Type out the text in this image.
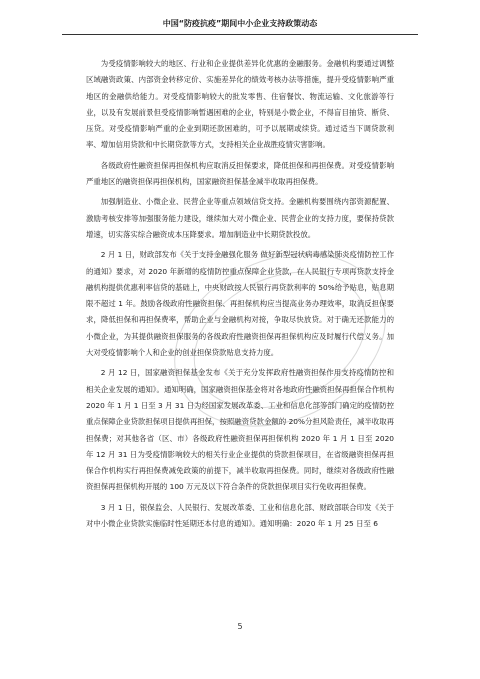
中国“防疫抗疫”期间中小企业支持政策动态

为受疫情影响较大的地区、行业和企业提供差异化优惠的金融服务。金融机构要通过调整区域融资政策、内部资金转移定价、实施差异化的绩效考核办法等措施，提升受疫情影响严重地区的金融供给能力。对受疫情影响较大的批发零售、住宿餐饮、物流运输、文化旅游等行业，以及有发展前景但受疫情影响暂遇困难的企业，特别是小微企业，不得盲目抽贷、断贷、压贷。对受疫情影响严重的企业到期还款困难的，可予以展期或续贷。通过适当下调贷款利率、增加信用贷款和中长期贷款等方式，支持相关企业战胜疫情灾害影响。

各级政府性融资担保再担保机构应取消反担保要求，降低担保和再担保费。对受疫情影响严重地区的融资担保再担保机构，国家融资担保基金减半收取再担保费。

加强制造业、小微企业、民营企业等重点领域信贷支持。金融机构要围绕内部资源配置、激励考核安排等加强服务能力建设，继续加大对小微企业、民营企业的支持力度，要保持贷款增速，切实落实综合融资成本压降要求。增加制造业中长期贷款投放。

2 月 1 日，财政部发布《关于支持金融强化服务 做好新型冠状病毒感染肺炎疫情防控工作的通知》要求，对 2020 年新增的疫情防控重点保障企业贷款，在人民银行专项再贷款支持金融机构提供优惠利率信贷的基础上，中央财政按人民银行再贷款利率的 50%给予贴息，贴息期限不超过 1 年。鼓励各级政府性融资担保、再担保机构应当提高业务办理效率，取消反担保要求，降低担保和再担保费率，帮助企业与金融机构对接，争取尽快放贷。对于确无还款能力的小微企业，为其提供融资担保服务的各级政府性融资担保再担保机构应及时履行代偿义务。加大对受疫情影响个人和企业的创业担保贷款贴息支持力度。

2 月 12 日，国家融资担保基金发布《关于充分发挥政府性融资担保作用支持疫情防控和相关企业发展的通知》。通知明确，国家融资担保基金将对各地政府性融资担保再担保合作机构 2020 年 1 月 1 日至 3 月 31 日为经国家发展改革委、工业和信息化部等部门确定的疫情防控重点保障企业贷款担保项目提供再担保，按照融资贷款金额的 20%分担风险责任，减半收取再担保费；对其他各省（区、市）各级政府性融资担保再担保机构 2020 年 1 月 1 日至 2020 年 12 月 31 日为受疫情影响较大的相关行业企业提供的贷款担保项目，在省级融资担保再担保合作机构实行再担保费减免政策的前提下，减半收取再担保费。同时，继续对各级政府性融资担保再担保机构开展的 100 万元及以下符合条件的贷款担保项目实行免收再担保费。

3 月 1 日，银保监会、人民银行、发展改革委、工业和信息化部、财政部联合印发《关于对中小微企业贷款实施临时性延期还本付息的通知》。通知明确：2020 年 1 月 25 日至 6

5
